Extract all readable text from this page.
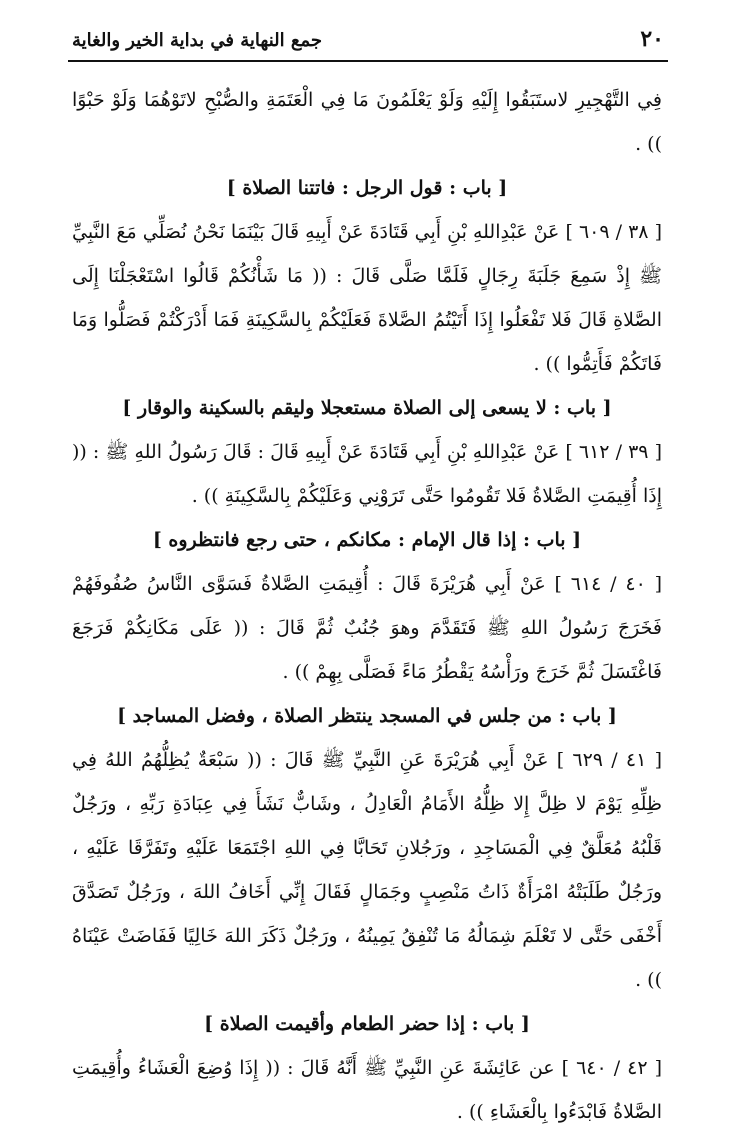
٢٠
جمع النهاية في بداية الخير والغاية

فِي التَّهْجِيرِ لاستَبَقُوا إِلَيْهِ وَلَوْ يَعْلَمُونَ مَا فِي الْعَتَمَةِ والصُّبْحِ لاتَوْهُمَا وَلَوْ حَبْوًا )) .

[ باب : قول الرجل : فاتتنا الصلاة ]

[ ٣٨ / ٦٠٩ ] عَنْ عَبْدِاللهِ بْنِ أَبِي قَتَادَةَ عَنْ أَبِيهِ قَالَ بَيْنَمَا نَحْنُ نُصَلِّي مَعَ النَّبِيِّ ﷺ إِذْ سَمِعَ جَلَبَةَ رِجَالٍ فَلَمَّا صَلَّى قَالَ : (( مَا شَأْنُكُمْ قَالُوا اسْتَعْجَلْنَا إِلَى الصَّلاةِ قَالَ فَلا تَفْعَلُوا إِذَا أَتَيْتُمُ الصَّلاةَ فَعَلَيْكُمْ بِالسَّكِينَةِ فَمَا أَدْرَكْتُمْ فَصَلُّوا وَمَا فَاتَكُمْ فَأَتِمُّوا )) .

[ باب : لا يسعى إلى الصلاة مستعجلا وليقم بالسكينة والوقار ]

[ ٣٩ / ٦١٢ ] عَنْ عَبْدِاللهِ بْنِ أَبِي قَتَادَةَ عَنْ أَبِيهِ قَالَ : قَالَ رَسُولُ اللهِ ﷺ : (( إِذَا أُقِيمَتِ الصَّلاةُ فَلا تَقُومُوا حَتَّى تَرَوْنِي وَعَلَيْكُمْ بِالسَّكِينَةِ )) .

[ باب : إذا قال الإمام : مكانكم ، حتى رجع فانتظروه ]

[ ٤٠ / ٦١٤ ] عَنْ أَبِي هُرَيْرَةَ قَالَ : أُقِيمَتِ الصَّلاةُ فَسَوَّى النَّاسُ صُفُوفَهُمْ فَخَرَجَ رَسُولُ اللهِ ﷺ فَتَقَدَّمَ وهوَ جُنُبٌ ثُمَّ قَالَ : (( عَلَى مَكَانِكُمْ فَرَجَعَ فَاغْتَسَلَ ثُمَّ خَرَجَ ورَأْسُهُ يَقْطُرُ مَاءً فَصَلَّى بِهِمْ )) .

[ باب : من جلس في المسجد ينتظر الصلاة ، وفضل المساجد ]

[ ٤١ / ٦٢٩ ] عَنْ أَبِي هُرَيْرَةَ عَنِ النَّبِيِّ ﷺ قَالَ : (( سَبْعَةٌ يُظِلُّهُمُ اللهُ فِي ظِلِّهِ يَوْمَ لا ظِلَّ إِلا ظِلُّهُ الأَمَامُ الْعَادِلُ ، وشَابٌّ نَشَأَ فِي عِبَادَةِ رَبِّهِ ، ورَجُلٌ قَلْبُهُ مُعَلَّقٌ فِي الْمَسَاجِدِ ، ورَجُلانِ تَحَابَّا فِي اللهِ اجْتَمَعَا عَلَيْهِ وتَفَرَّقَا عَلَيْهِ ، ورَجُلٌ طَلَبَتْهُ امْرَأَةٌ ذَاتُ مَنْصِبٍ وجَمَالٍ فَقَالَ إِنِّي أَخَافُ اللهَ ، ورَجُلٌ تَصَدَّقَ أَخْفَى حَتَّى لا تَعْلَمَ شِمَالُهُ مَا تُنْفِقُ يَمِينُهُ ، ورَجُلٌ ذَكَرَ اللهَ خَالِيًا فَفَاضَتْ عَيْنَاهُ )) .

[ باب : إذا حضر الطعام وأقيمت الصلاة ]

[ ٤٢ / ٦٤٠ ] عن عَائِشَةَ عَنِ النَّبِيِّ ﷺ أَنَّهُ قَالَ : (( إِذَا وُضِعَ الْعَشَاءُ وأُقِيمَتِ الصَّلاةُ فَابْدَءُوا بِالْعَشَاءِ )) .
